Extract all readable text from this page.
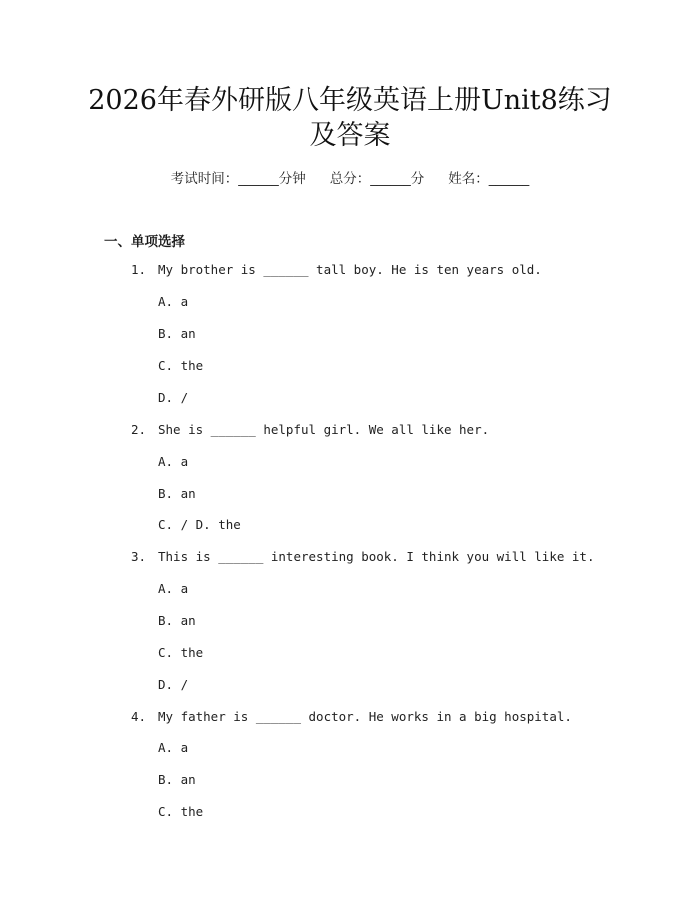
2026年春外研版八年级英语上册Unit8练习
及答案
考试时间：______分钟 总分：______分 姓名：______
一、单项选择
1. My brother is ______ tall boy. He is ten years old.
A. a
B. an
C. the
D. /
2. She is ______ helpful girl. We all like her.
A. a
B. an
C. / D. the
3. This is ______ interesting book. I think you will like it.
A. a
B. an
C. the
D. /
4. My father is ______ doctor. He works in a big hospital.
A. a
B. an
C. the
